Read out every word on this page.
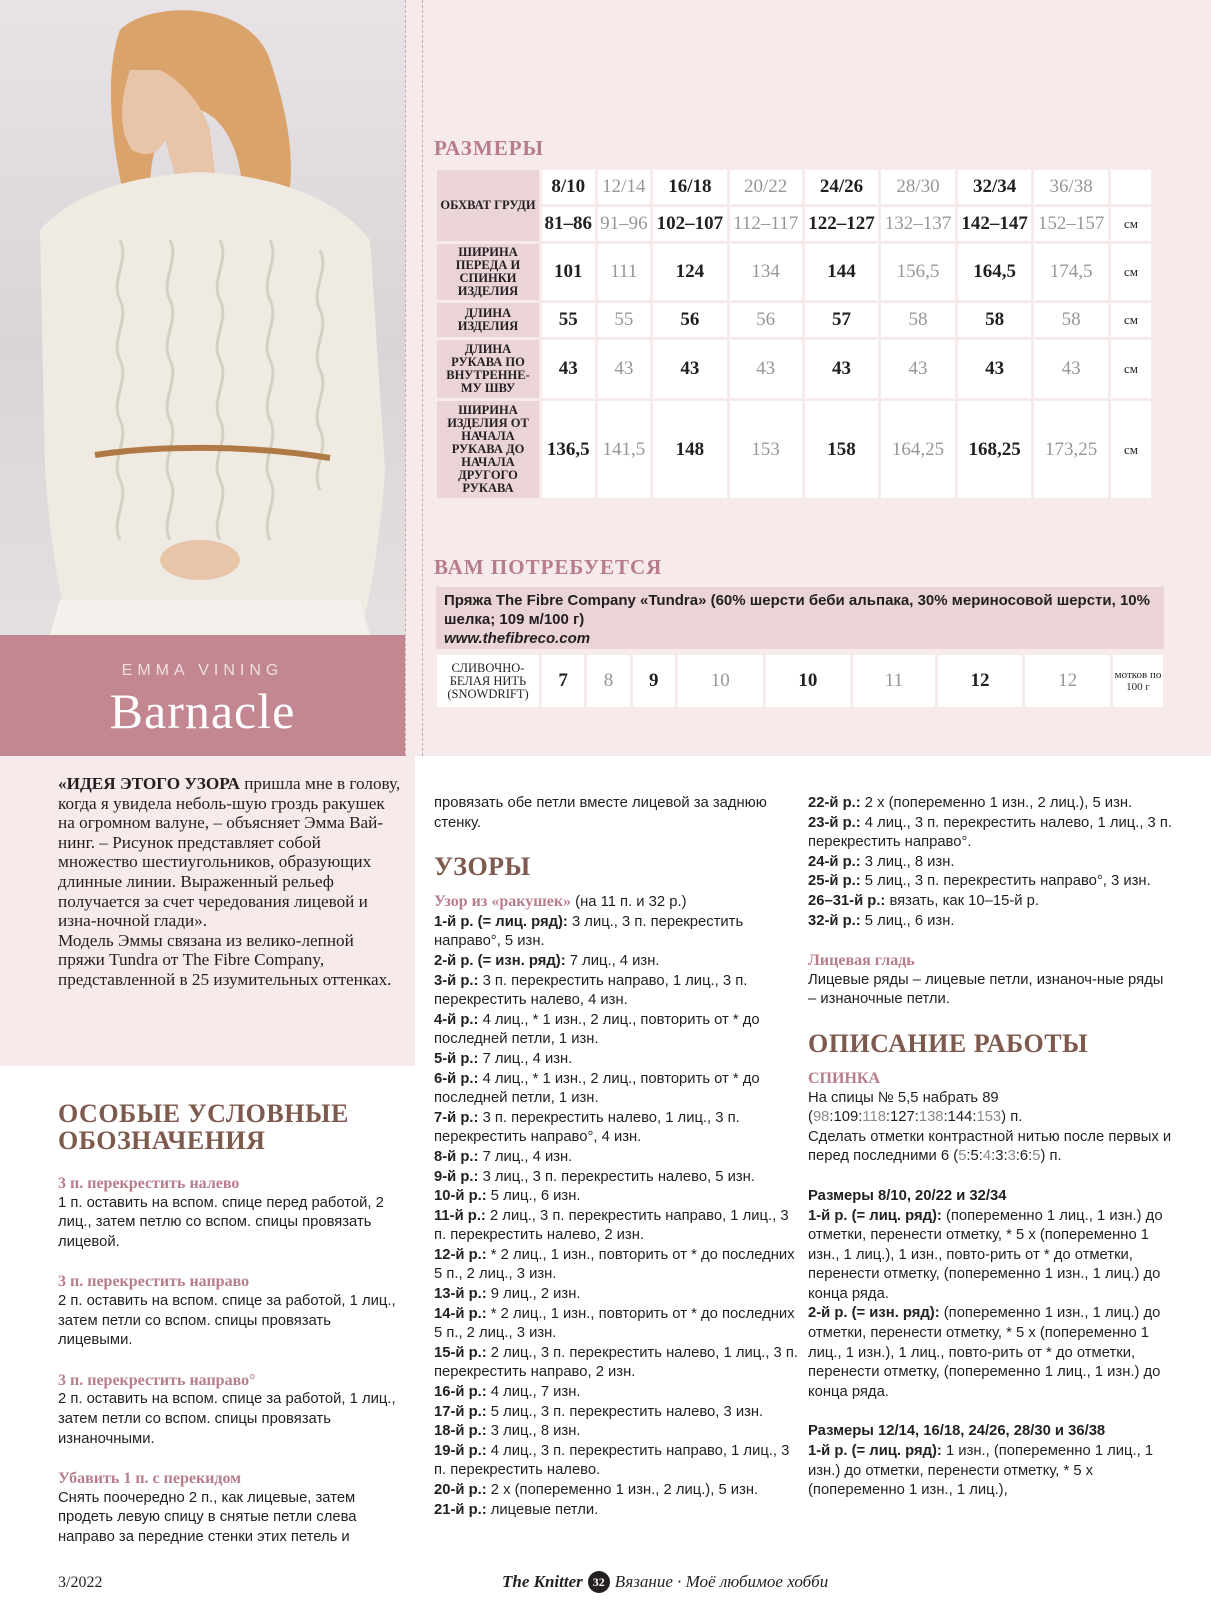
EMMA VINING
Barnacle
РАЗМЕРЫ
ОБХВАТ ГРУДИ	8/10	12/14	16/18	20/22	24/26	28/30	32/34	36/38	
	81–86	91–96	102–107	112–117	122–127	132–137	142–147	152–157	см
ШИРИНА ПЕРЕДА И СПИНКИ ИЗДЕЛИЯ	101	111	124	134	144	156,5	164,5	174,5	см
ДЛИНА ИЗДЕЛИЯ	55	55	56	56	57	58	58	58	см
ДЛИНА РУКАВА ПО ВНУТРЕННЕ-МУ ШВУ	43	43	43	43	43	43	43	43	см
ШИРИНА ИЗДЕЛИЯ ОТ НАЧАЛА РУКАВА ДО НАЧАЛА ДРУГОГО РУКАВА	136,5	141,5	148	153	158	164,25	168,25	173,25	см
ВАМ ПОТРЕБУЕТСЯ
Пряжа The Fibre Company «Tundra» (60% шерсти беби альпака, 30% мериносовой шерсти, 10% шелка; 109 м/100 г)
www.thefibreco.com
СЛИВОЧНО-БЕЛАЯ НИТЬ (SNOWDRIFT)	7	8	9	10	10	11	12	12	мотков по 100 г

«ИДЕЯ ЭТОГО УЗОРА пришла мне в голову, когда я увидела неболь-шую гроздь ракушек на огромном валуне, – объясняет Эмма Вай-нинг. – Рисунок представляет собой множество шестиугольников, образующих длинные линии. Выраженный рельеф получается за счет чередования лицевой и изна-ночной глади».

Модель Эммы связана из велико-лепной пряжи Tundra от The Fibre Company, представленной в 25 изумительных оттенках.

ОСОБЫЕ УСЛОВНЫЕ ОБОЗНАЧЕНИЯ
3 п. перекрестить налево

1 п. оставить на вспом. спице перед работой, 2 лиц., затем петлю со вспом. спицы провязать лицевой.

3 п. перекрестить направо

2 п. оставить на вспом. спице за работой, 1 лиц., затем петли со вспом. спицы провязать лицевыми.

3 п. перекрестить направо°

2 п. оставить на вспом. спице за работой, 1 лиц., затем петли со вспом. спицы провязать изнаночными.

Убавить 1 п. с перекидом

Снять поочередно 2 п., как лицевые, затем продеть левую спицу в снятые петли слева направо за передние стенки этих петель и

провязать обе петли вместе лицевой за заднюю стенку.

УЗОРЫ

Узор из «ракушек» (на 11 п. и 32 р.)

1-й р. (= лиц. ряд): 3 лиц., 3 п. перекрестить направо°, 5 изн.

2-й р. (= изн. ряд): 7 лиц., 4 изн.

3-й р.: 3 п. перекрестить направо, 1 лиц., 3 п. перекрестить налево, 4 изн.

4-й р.: 4 лиц., * 1 изн., 2 лиц., повторить от * до последней петли, 1 изн.

5-й р.: 7 лиц., 4 изн.

6-й р.: 4 лиц., * 1 изн., 2 лиц., повторить от * до последней петли, 1 изн.

7-й р.: 3 п. перекрестить налево, 1 лиц., 3 п. перекрестить направо°, 4 изн.

8-й р.: 7 лиц., 4 изн.

9-й р.: 3 лиц., 3 п. перекрестить налево, 5 изн.

10-й р.: 5 лиц., 6 изн.

11-й р.: 2 лиц., 3 п. перекрестить направо, 1 лиц., 3 п. перекрестить налево, 2 изн.

12-й р.: * 2 лиц., 1 изн., повторить от * до последних 5 п., 2 лиц., 3 изн.

13-й р.: 9 лиц., 2 изн.

14-й р.: * 2 лиц., 1 изн., повторить от * до последних 5 п., 2 лиц., 3 изн.

15-й р.: 2 лиц., 3 п. перекрестить налево, 1 лиц., 3 п. перекрестить направо, 2 изн.

16-й р.: 4 лиц., 7 изн.

17-й р.: 5 лиц., 3 п. перекрестить налево, 3 изн.

18-й р.: 3 лиц., 8 изн.

19-й р.: 4 лиц., 3 п. перекрестить направо, 1 лиц., 3 п. перекрестить налево.

20-й р.: 2 х (попеременно 1 изн., 2 лиц.), 5 изн.

21-й р.: лицевые петли.

22-й р.: 2 х (попеременно 1 изн., 2 лиц.), 5 изн.

23-й р.: 4 лиц., 3 п. перекрестить налево, 1 лиц., 3 п. перекрестить направо°.

24-й р.: 3 лиц., 8 изн.

25-й р.: 5 лиц., 3 п. перекрестить направо°, 3 изн.

26–31-й р.: вязать, как 10–15-й р.

32-й р.: 5 лиц., 6 изн.

Лицевая гладь

Лицевые ряды – лицевые петли, изнаноч-ные ряды – изнаночные петли.

ОПИСАНИЕ РАБОТЫ
СПИНКА

На спицы № 5,5 набрать 89 (98:109:118:127:138:144:153) п.

Сделать отметки контрастной нитью после первых и перед последними 6 (5:5:4:3:3:6:5) п.

Размеры 8/10, 20/22 и 32/34

1-й р. (= лиц. ряд): (попеременно 1 лиц., 1 изн.) до отметки, перенести отметку, * 5 х (попеременно 1 изн., 1 лиц.), 1 изн., повто-рить от * до отметки, перенести отметку, (попеременно 1 изн., 1 лиц.) до конца ряда.

2-й р. (= изн. ряд): (попеременно 1 изн., 1 лиц.) до отметки, перенести отметку, * 5 х (попеременно 1 лиц., 1 изн.), 1 лиц., повто-рить от * до отметки, перенести отметку, (попеременно 1 лиц., 1 изн.) до конца ряда.

Размеры 12/14, 16/18, 24/26, 28/30 и 36/38

1-й р. (= лиц. ряд): 1 изн., (попеременно 1 лиц., 1 изн.) до отметки, перенести отметку, * 5 х (попеременно 1 изн., 1 лиц.),

3/2022	The Knitter 32 Вязание · Моё любимое хобби
